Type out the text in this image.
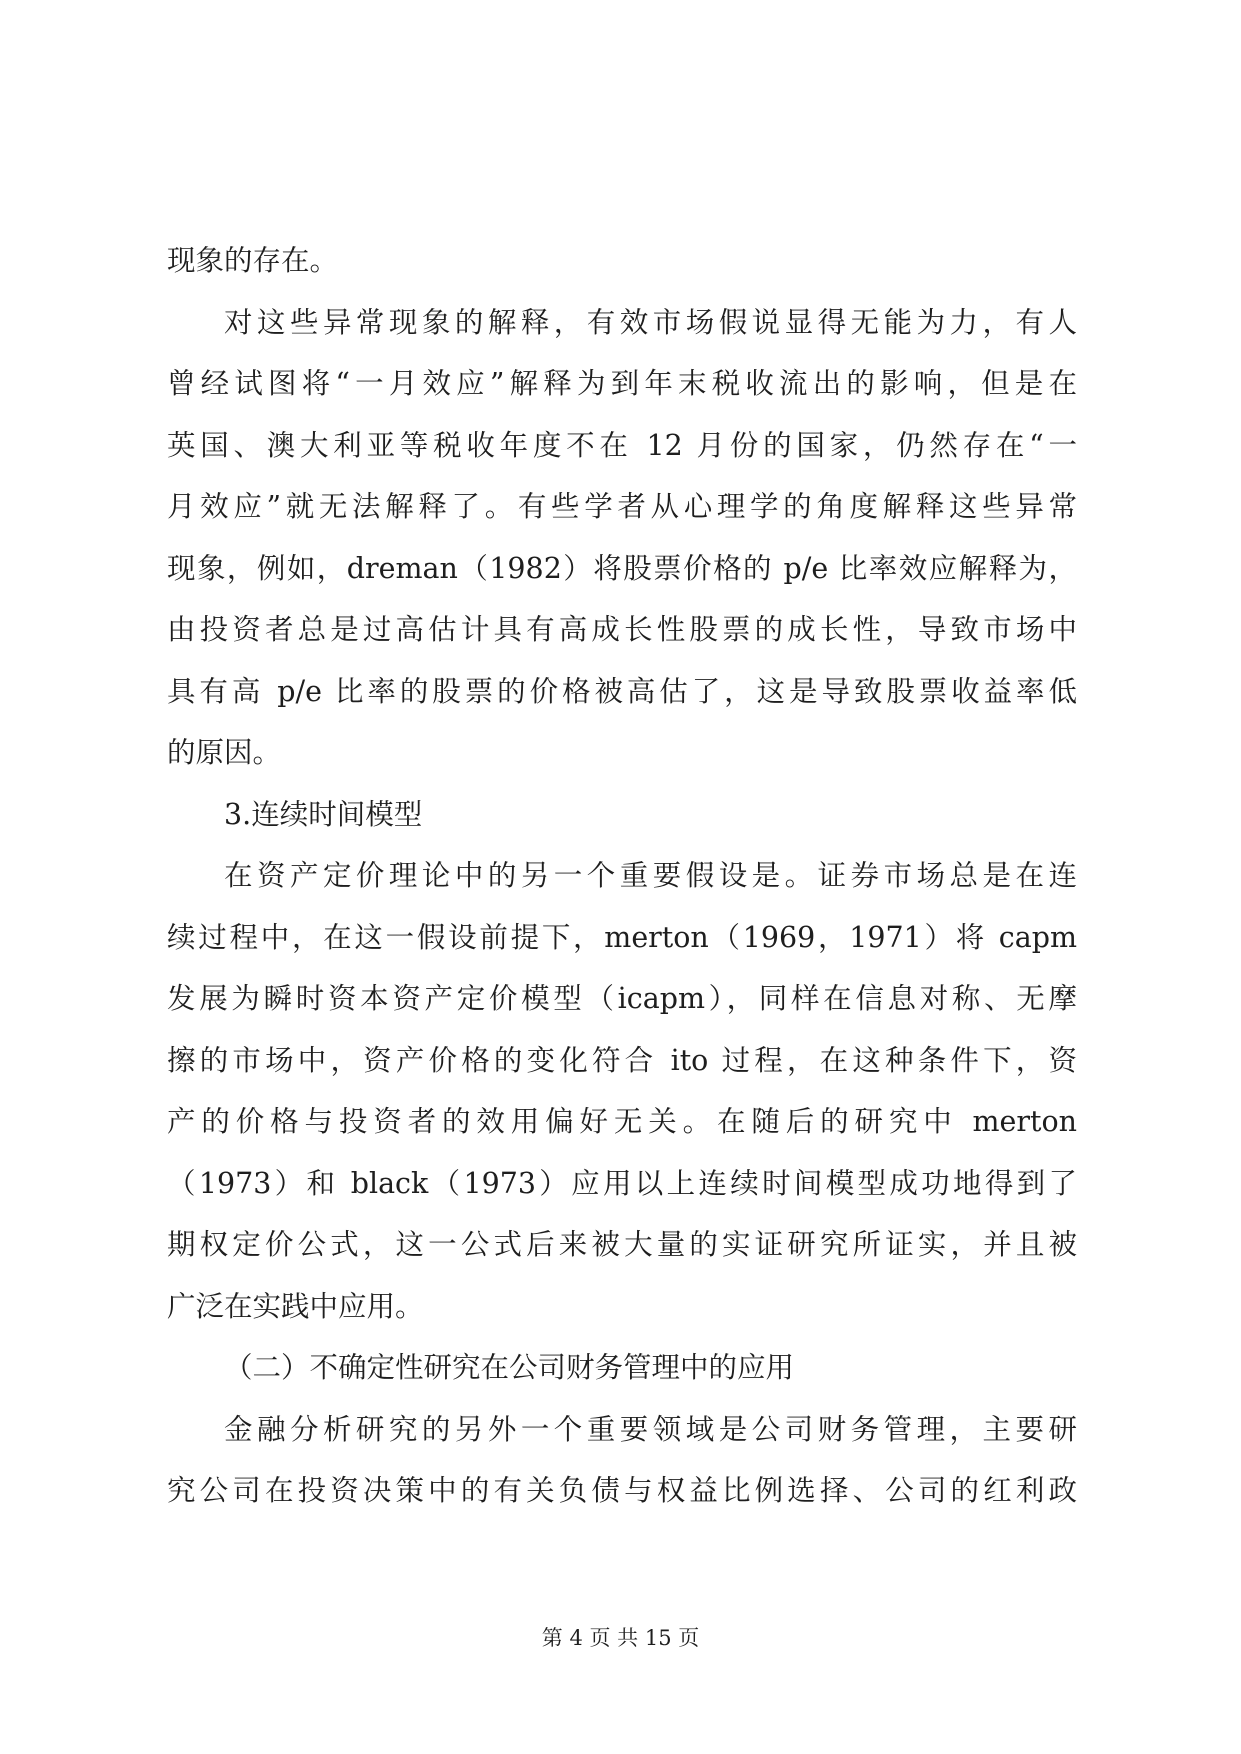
现象的存在。

对这些异常现象的解释，有效市场假说显得无能为力，有人
曾经试图将“一月效应”解释为到年末税收流出的影响，但是在
英国、澳大利亚等税收年度不在 12 月份的国家，仍然存在“一
月效应”就无法解释了。有些学者从心理学的角度解释这些异常
现象，例如，dreman（1982）将股票价格的 p/e 比率效应解释为，
由投资者总是过高估计具有高成长性股票的成长性，导致市场中
具有高 p/e 比率的股票的价格被高估了，这是导致股票收益率低
的原因。

3.连续时间模型

在资产定价理论中的另一个重要假设是。证券市场总是在连
续过程中，在这一假设前提下，merton（1969，1971）将 capm
发展为瞬时资本资产定价模型（icapm），同样在信息对称、无摩
擦的市场中，资产价格的变化符合 ito 过程，在这种条件下，资
产的价格与投资者的效用偏好无关。在随后的研究中 merton
（1973）和 black（1973）应用以上连续时间模型成功地得到了
期权定价公式，这一公式后来被大量的实证研究所证实，并且被
广泛在实践中应用。

（二）不确定性研究在公司财务管理中的应用

金融分析研究的另外一个重要领域是公司财务管理，主要研
究公司在投资决策中的有关负债与权益比例选择、公司的红利政

第 4 页 共 15 页
